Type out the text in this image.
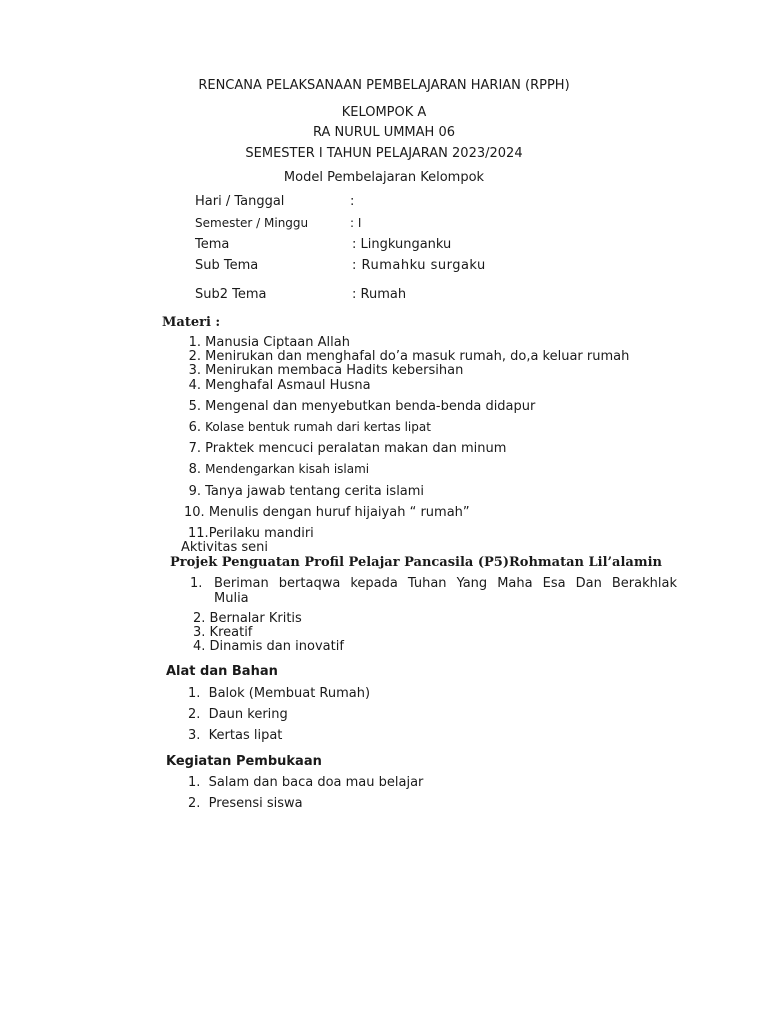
RENCANA PELAKSANAAN PEMBELAJARAN HARIAN (RPPH)
KELOMPOK A
RA NURUL UMMAH 06
SEMESTER I TAHUN PELAJARAN 2023/2024
Model Pembelajaran Kelompok
Hari / Tanggal	:
Semester / Minggu	: I
Tema	: Lingkunganku
Sub Tema	: Rumahku surgaku
Sub2 Tema	: Rumah
Materi :
1. Manusia Ciptaan Allah
2. Menirukan dan menghafal do’a masuk rumah, do,a keluar rumah
3. Menirukan membaca Hadits kebersihan
4. Menghafal Asmaul Husna
5. Mengenal dan menyebutkan benda-benda didapur
6. Kolase bentuk rumah dari kertas lipat
7. Praktek mencuci peralatan makan dan minum
8. Mendengarkan kisah islami
9. Tanya jawab tentang cerita islami
10. Menulis dengan huruf hijaiyah “ rumah”
11.Perilaku mandiri
Aktivitas seni
Projek Penguatan Profil Pelajar Pancasila (P5)Rohmatan Lil’alamin
1. Beriman bertaqwa kepada Tuhan Yang Maha Esa Dan Berakhlak Mulia
2. Bernalar Kritis
3. Kreatif
4. Dinamis dan inovatif
Alat dan Bahan
1. Balok (Membuat Rumah)
2. Daun kering
3. Kertas lipat
Kegiatan Pembukaan
1. Salam dan baca doa mau belajar
2. Presensi siswa
